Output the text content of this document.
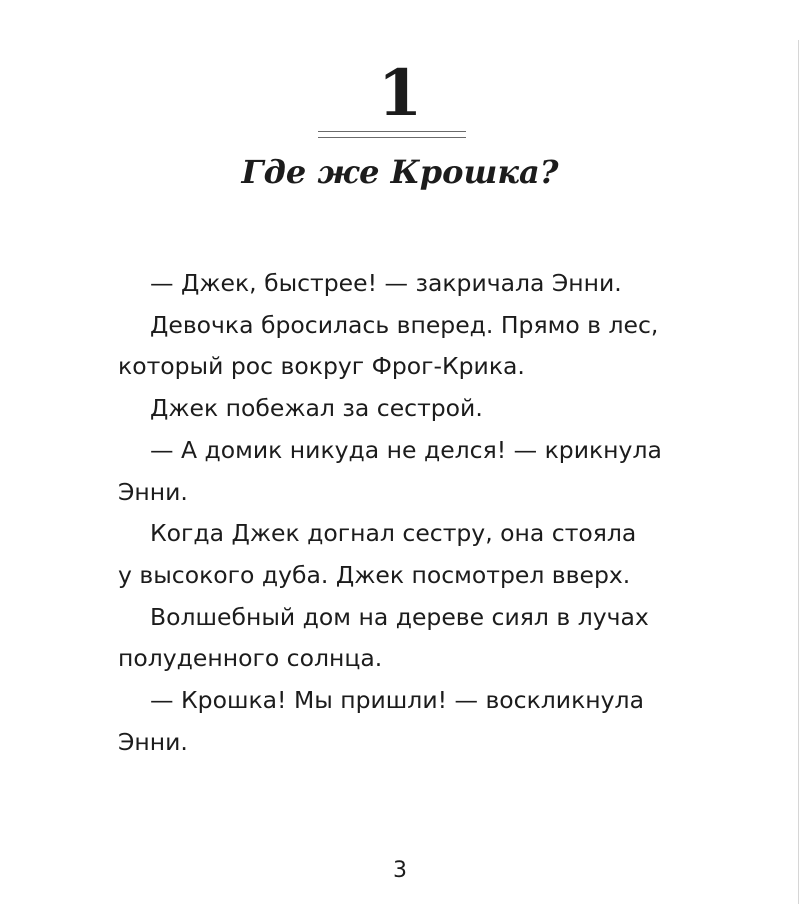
1
Где же Крошка?
— Джек, быстрее! — закричала Энни.
Девочка бросилась вперед. Прямо в лес,
который рос вокруг Фрог-Крика.
Джек побежал за сестрой.
— А домик никуда не делся! — крикнула
Энни.
Когда Джек догнал сестру, она стояла
у высокого дуба. Джек посмотрел вверх.
Волшебный дом на дереве сиял в лучах
полуденного солнца.
— Крошка! Мы пришли! — воскликнула
Энни.
3
